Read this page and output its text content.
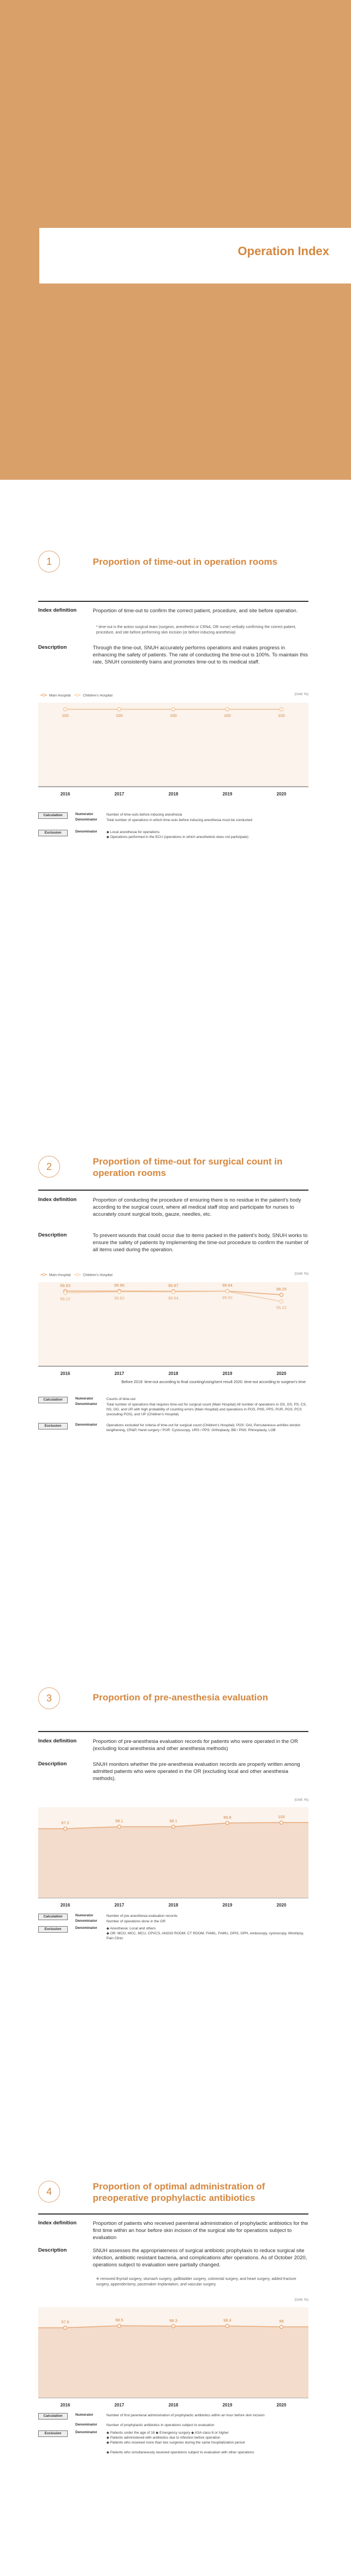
Operation Index
1	Proportion of time-out in operation rooms
Index definition	Proportion of time-out to confirm the correct patient, procedure, and site before operation.
* time-out is the action surgical team (surgeon, anesthetist or CRNA, OR nurse) verbally confirming the correct patient, procedure, and site before performing skin incision (or before inducing anesthesia)
Description	Through the time-out, SNUH accurately performs operations and makes progress in enhancing the safety of patients. The rate of conducting the time-out is 100%. To maintain this rate, SNUH consistently trains and promotes time-out to its medical staff.
(Unit: %)
2016	2017	2018	2019	2020
Main Hospital	Children's Hospital
100	100	100	100	100
Calculation	Numerator	Number of time-outs before inducing anesthesia
Denominator	Total number of operations in which time-outs before inducing anesthesia must be conducted
Exclusion	Denominator	◆ Local anesthesia for operations
◆ Operations performed in the ECU (operations in which anesthetists does not participate)
2	Proportion of time-out for surgical count in operation rooms
Index definition	Proportion of conducting the procedure of ensuring there is no residue in the patient's body according to the surgical count, where all medical staff stop and participate for nurses to accurately count surgical tools, gauze, needles, etc.
Description	To prevent wounds that could occur due to items packed in the patient's body, SNUH works to ensure the safety of patients by implementing the time-out procedure to confirm the number of all items used during the operation.
(Unit: %)
2016	2017	2018	2019	2020
Main Hospital	Children's Hospital
99.93	99.96	99.87	99.94
98.25
99.22	99.62	99.64	99.82
95.22
Before 2019: time-out according to final counting/using/sent result 2020: time-out according to surgeon's time
Calculation	Numerator	Counts of time-out
Denominator	Total number of operations that requires time-out for surgical count (Main Hospital) All number of operations in OS, GS, PS, CS, NS, OG, and UR with high probability of counting errors (Main Hospital) and operations in POS, PNS, PPS, PUR, PGS, PCS (excluding POS), and UP (Children's Hospital)
Exclusion	Denominator	Operations excluded for criteria of time-out for surgical count (Children's Hospital): POS: OAI, Percutaneous achilles tendon lengthening, CR&P, Hand surgery / PUR: Cystoscopy, URS / PPS: Orthoplasty, BB / PNS: Rhinoplasty, LOB
3	Proportion of pre-anesthesia evaluation
Index definition	Proportion of pre-anesthesia evaluation records for patients who were operated in the OR (excluding local anesthesia and other anesthesia methods)
Description	SNUH monitors whether the pre-anesthesia evaluation records are properly written among admitted patients who were operated in the OR (excluding local and other anesthesia methods).
(Unit: %)
2016	2017	2018	2019	2020
97.2	98.1	98.1
99.8	100
Calculation	Numerator	Number of pre-anesthesia evaluation records
Denominator	Number of operations done in the OR
Exclusion	Denominator	◆ Anesthesia: Local and others
◆ OR: MCO, MCC, MCU, CPVCS, ANGIO ROOM, CT ROOM, FAMIL, FAMU, OPIS, OPH, endoscopy, cystoscopy, lithotripsy, Pain Clinic
4	Proportion of optimal administration of preoperative prophylactic antibiotics
Index definition	Proportion of patients who received parenteral administration of prophylactic antibiotics for the first time within an hour before skin incision of the surgical site for operations subject to evaluation
Description	SNUH assesses the appropriateness of surgical antibiotic prophylaxis to reduce surgical site infection, antibiotic resistant bacteria, and complications after operations. As of October 2020, operations subject to evaluation were partially changed.
※ removed thyroid surgery, stomach surgery, gallbladder surgery, colorectal surgery, and heart surgery, added fracture surgery, appendectomy, pacemaker implantation, and vascular surgery.
(Unit: %)
2016	2017	2018	2019	2020
97.6	98.5	98.3	98.4	98
Calculation	Numerator	Number of first parenteral administration of prophylactic antibiotics within an hour before skin incision
Denominator	Number of prophylactic antibiotics in operations subject to evaluation
Exclusion	Denominator	◆ Patients under the age of 18 ◆ Emergency surgery ◆ ASA class 6 or higher
◆ Patients administered with antibiotics due to infection before operation
◆ Patients who received more than two surgeries during the same hospitalization period
◆ Patients who simultaneously received operations subject to evaluation with other operations
